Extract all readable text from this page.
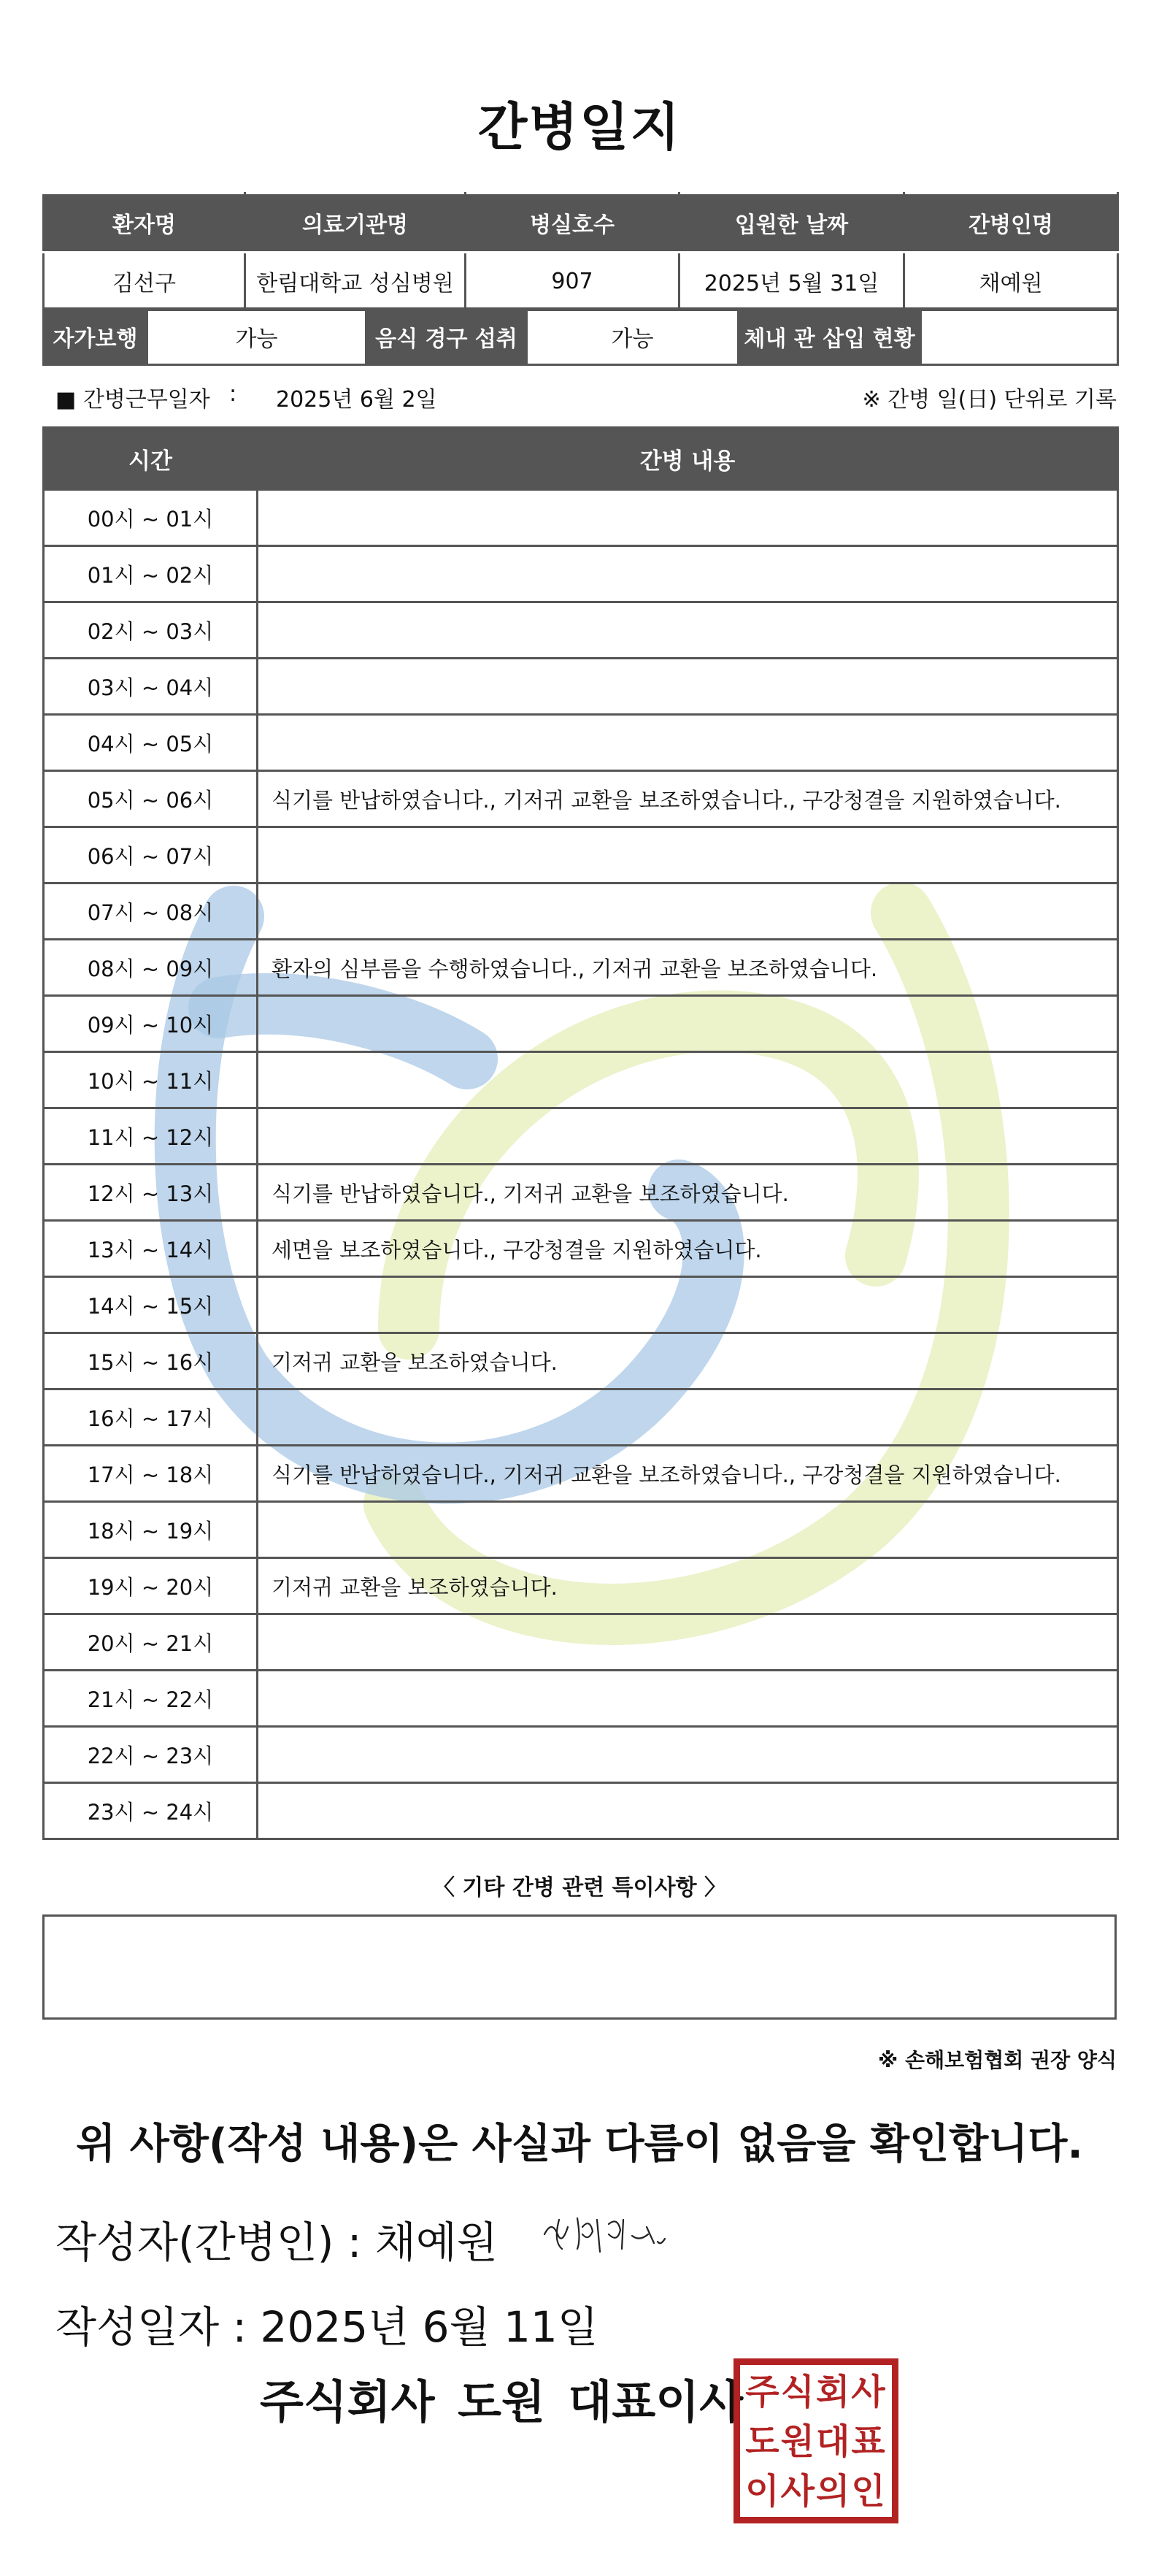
간병일지
환자명	의료기관명	병실호수	입원한 날짜	간병인명
김선구	한림대학교 성심병원	907	2025년 5월 31일	채예원
자가보행	가능	음식 경구 섭취	가능	체내 관 삽입 현황	
■ 간병근무일자 : 2025년 6월 2일	※ 간병 일(日) 단위로 기록
시간	간병 내용
00시 ~ 01시	
01시 ~ 02시	
02시 ~ 03시	
03시 ~ 04시	
04시 ~ 05시	
05시 ~ 06시	식기를 반납하였습니다., 기저귀 교환을 보조하였습니다., 구강청결을 지원하였습니다.
06시 ~ 07시	
07시 ~ 08시	
08시 ~ 09시	환자의 심부름을 수행하였습니다., 기저귀 교환을 보조하였습니다.
09시 ~ 10시	
10시 ~ 11시	
11시 ~ 12시	
12시 ~ 13시	식기를 반납하였습니다., 기저귀 교환을 보조하였습니다.
13시 ~ 14시	세면을 보조하였습니다., 구강청결을 지원하였습니다.
14시 ~ 15시	
15시 ~ 16시	기저귀 교환을 보조하였습니다.
16시 ~ 17시	
17시 ~ 18시	식기를 반납하였습니다., 기저귀 교환을 보조하였습니다., 구강청결을 지원하였습니다.
18시 ~ 19시	
19시 ~ 20시	기저귀 교환을 보조하였습니다.
20시 ~ 21시	
21시 ~ 22시	
22시 ~ 23시	
23시 ~ 24시	
〈 기타 간병 관련 특이사항 〉
※ 손해보험협회 권장 양식
위 사항(작성 내용)은 사실과 다름이 없음을 확인합니다.
작성자(간병인) : 채예원
작성일자 : 2025년 6월 11일
주식회사 도원 대표이사 주식회사
도원대표
이사의인
